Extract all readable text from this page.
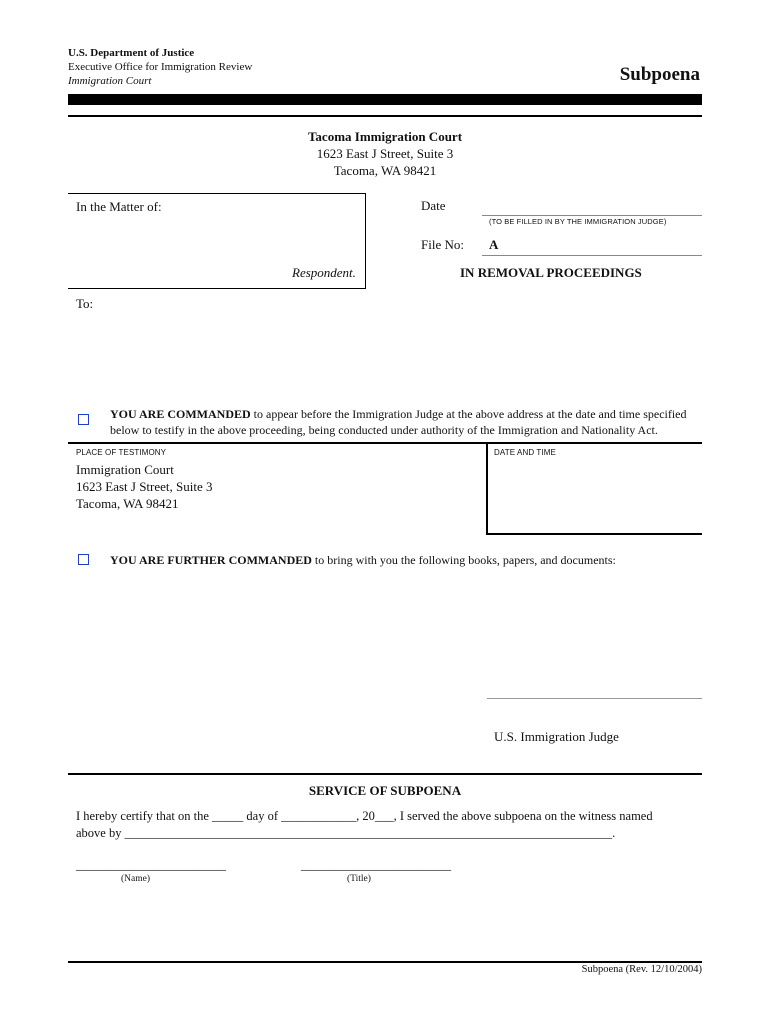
U.S. Department of Justice
Executive Office for Immigration Review
Immigration Court	Subpoena
Tacoma Immigration Court
1623 East J Street, Suite 3
Tacoma, WA 98421
In the Matter of:
Respondent.
Date
(TO BE FILLED IN BY THE IMMIGRATION JUDGE)
File No: A
IN REMOVAL PROCEEDINGS
To:
YOU ARE COMMANDED to appear before the Immigration Judge at the above address at the date and time specified
below to testify in the above proceeding, being conducted under authority of the Immigration and Nationality Act.
PLACE OF TESTIMONY	DATE AND TIME
Immigration Court
1623 East J Street, Suite 3
Tacoma, WA 98421
YOU ARE FURTHER COMMANDED to bring with you the following books, papers, and documents:
U.S. Immigration Judge
SERVICE OF SUBPOENA
I hereby certify that on the _____ day of ____________, 20___, I served the above subpoena on the witness named
above by ______________________________________________________________________________.
________________________	________________________
(Name)	(Title)
Subpoena (Rev. 12/10/2004)
